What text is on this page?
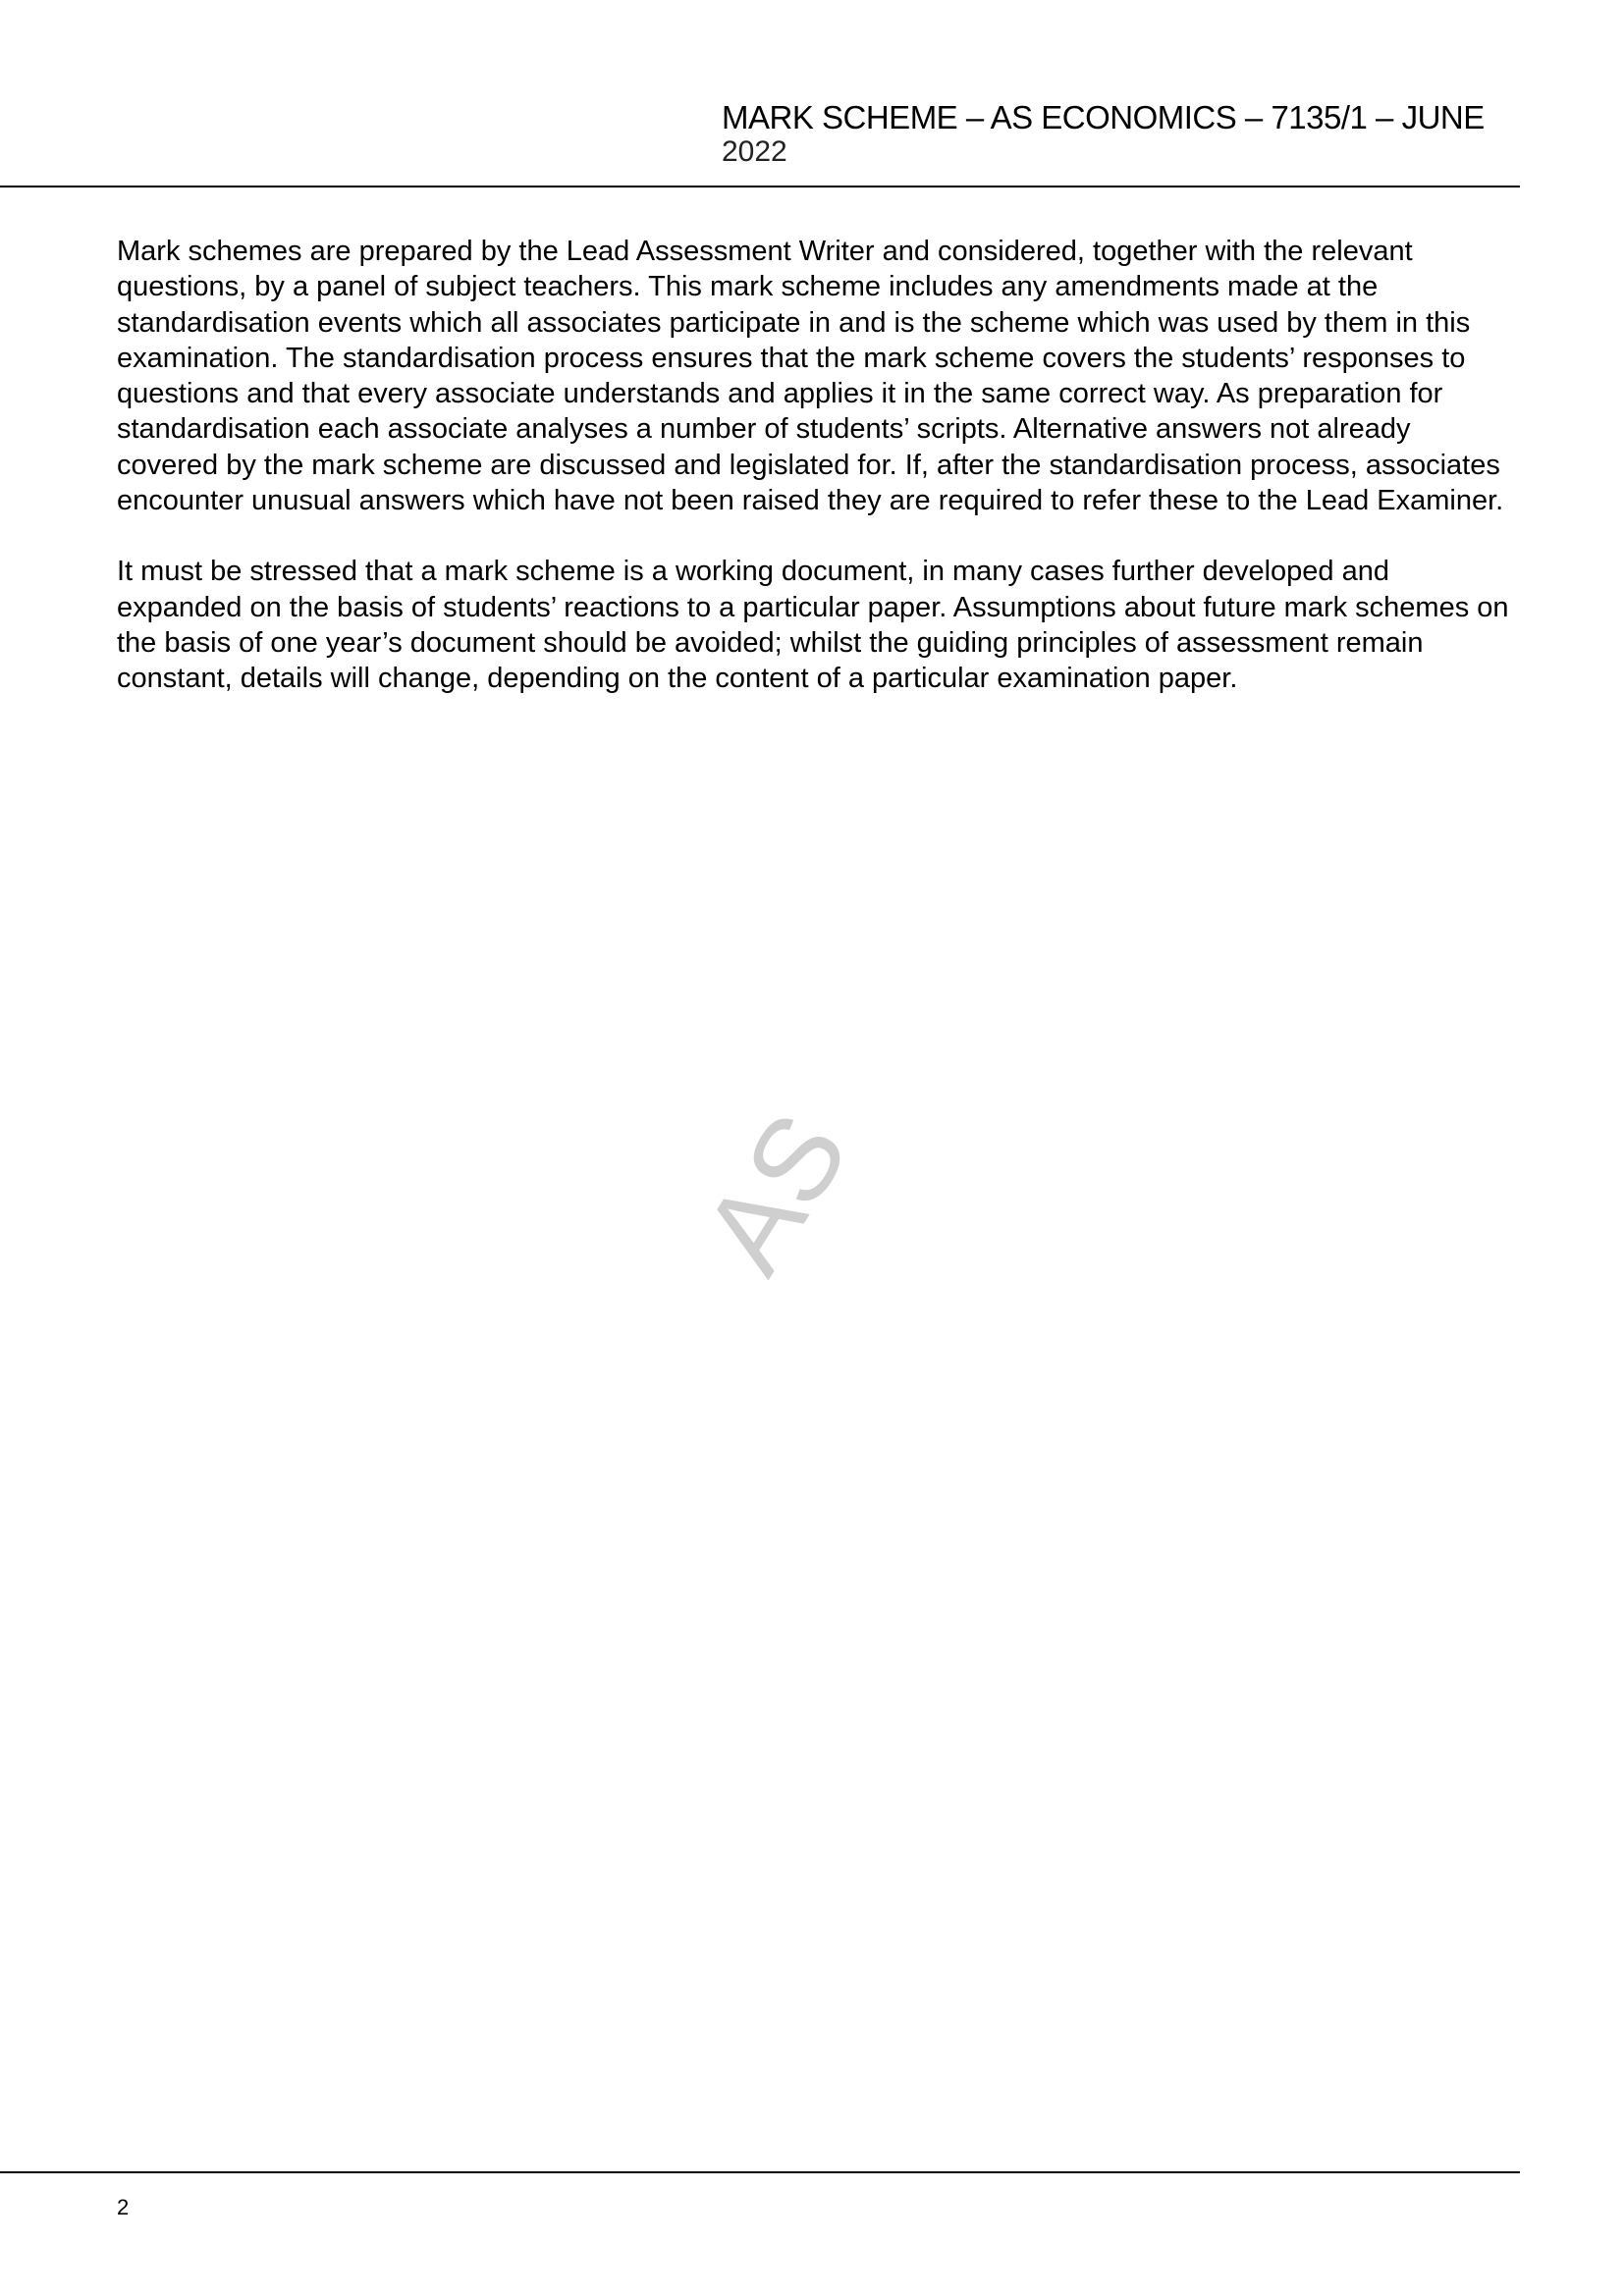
MARK SCHEME – AS ECONOMICS – 7135/1 – JUNE
2022

Mark schemes are prepared by the Lead Assessment Writer and considered, together with the relevant questions, by a panel of subject teachers. This mark scheme includes any amendments made at the standardisation events which all associates participate in and is the scheme which was used by them in this examination. The standardisation process ensures that the mark scheme covers the students’ responses to questions and that every associate understands and applies it in the same correct way. As preparation for standardisation each associate analyses a number of students’ scripts. Alternative answers not already covered by the mark scheme are discussed and legislated for. If, after the standardisation process, associates encounter unusual answers which have not been raised they are required to refer these to the Lead Examiner.

It must be stressed that a mark scheme is a working document, in many cases further developed and expanded on the basis of students’ reactions to a particular paper. Assumptions about future mark schemes on the basis of one year’s document should be avoided; whilst the guiding principles of assessment remain constant, details will change, depending on the content of a particular examination paper.

AS
2
